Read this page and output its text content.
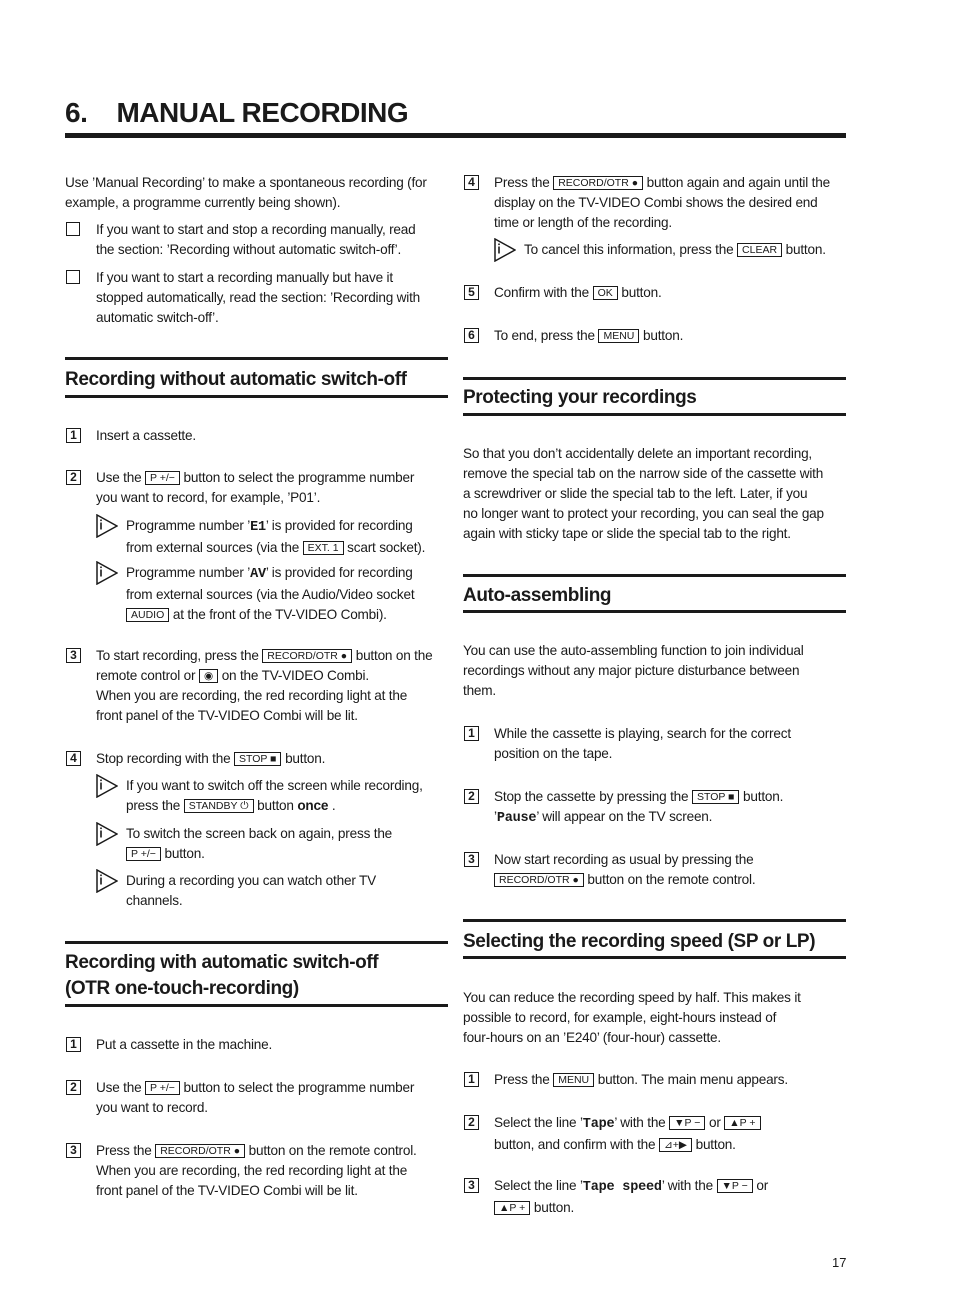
6.    MANUAL RECORDING
Use ’Manual Recording’ to make a spontaneous recording (for
example, a programme currently being shown).
If you want to start and stop a recording manually, read
the section: ’Recording without automatic switch-off’.
If you want to start a recording manually but have it
stopped automatically, read the section: ’Recording with
automatic switch-off’.
Recording without automatic switch-off
1	Insert a cassette.
2	Use the P +/− button to select the programme number
you want to record, for example, ’P01’.
Programme number ’E1’ is provided for recording
from external sources (via the EXT. 1 scart socket).
Programme number ’AV’ is provided for recording
from external sources (via the Audio/Video socket
AUDIO at the front of the TV-VIDEO Combi).
3	To start recording, press the RECORD/OTR ● button on the
remote control or ◉ on the TV-VIDEO Combi.
When you are recording, the red recording light at the
front panel of the TV-VIDEO Combi will be lit.
4	Stop recording with the STOP ■ button.
If you want to switch off the screen while recording,
press the STANDBY ⏻ button once .
To switch the screen back on again, press the
P +/− button.
During a recording you can watch other TV
channels.
Recording with automatic switch-off
(OTR one-touch-recording)
1	Put a cassette in the machine.
2	Use the P +/− button to select the programme number
you want to record.
3	Press the RECORD/OTR ● button on the remote control.
When you are recording, the red recording light at the
front panel of the TV-VIDEO Combi will be lit.
4	Press the RECORD/OTR ● button again and again until the
display on the TV-VIDEO Combi shows the desired end
time or length of the recording.
To cancel this information, press the CLEAR button.
5	Confirm with the OK button.
6	To end, press the MENU button.
Protecting your recordings
So that you don’t accidentally delete an important recording,
remove the special tab on the narrow side of the cassette with
a screwdriver or slide the special tab to the left. Later, if you
no longer want to protect your recording, you can seal the gap
again with sticky tape or slide the special tab to the right.
Auto-assembling
You can use the auto-assembling function to join individual
recordings without any major picture disturbance between
them.
1	While the cassette is playing, search for the correct
position on the tape.
2	Stop the cassette by pressing the STOP ■ button.
’Pause’ will appear on the TV screen.
3	Now start recording as usual by pressing the
RECORD/OTR ● button on the remote control.
Selecting the recording speed (SP or LP)
You can reduce the recording speed by half. This makes it
possible to record, for example, eight-hours instead of
four-hours on an ’E240’ (four-hour) cassette.
1	Press the MENU button. The main menu appears.
2	Select the line ’Tape’ with the ▼P − or ▲P +
button, and confirm with the ⊿+▶ button.
3	Select the line ’Tape speed’ with the ▼P − or
▲P + button.
17
